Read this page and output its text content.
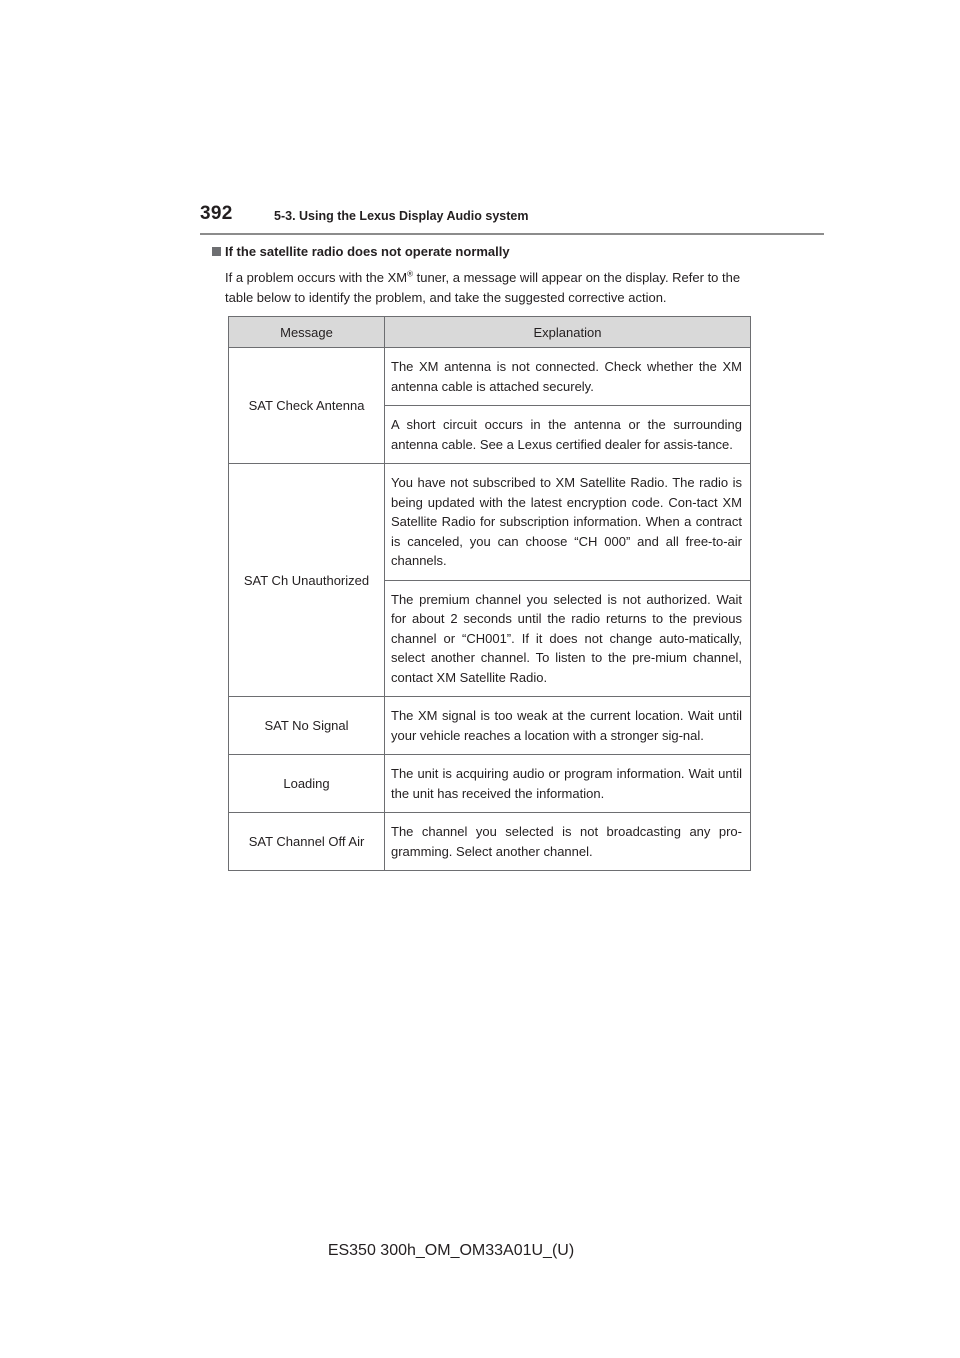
392	5-3. Using the Lexus Display Audio system
If the satellite radio does not operate normally

If a problem occurs with the XM® tuner, a message will appear on the display. Refer to the table below to identify the problem, and take the suggested corrective action.

Message	Explanation
SAT Check Antenna	The XM antenna is not connected. Check whether the XM antenna cable is attached securely.
	A short circuit occurs in the antenna or the surrounding antenna cable. See a Lexus certified dealer for assis-tance.
SAT Ch Unauthorized	You have not subscribed to XM Satellite Radio. The radio is being updated with the latest encryption code. Con-tact XM Satellite Radio for subscription information. When a contract is canceled, you can choose “CH 000” and all free-to-air channels.
	The premium channel you selected is not authorized. Wait for about 2 seconds until the radio returns to the previous channel or “CH001”. If it does not change auto-matically, select another channel. To listen to the pre-mium channel, contact XM Satellite Radio.
SAT No Signal	The XM signal is too weak at the current location. Wait until your vehicle reaches a location with a stronger sig-nal.
Loading	The unit is acquiring audio or program information. Wait until the unit has received the information.
SAT Channel Off Air	The channel you selected is not broadcasting any pro-gramming. Select another channel.
ES350 300h_OM_OM33A01U_(U)
